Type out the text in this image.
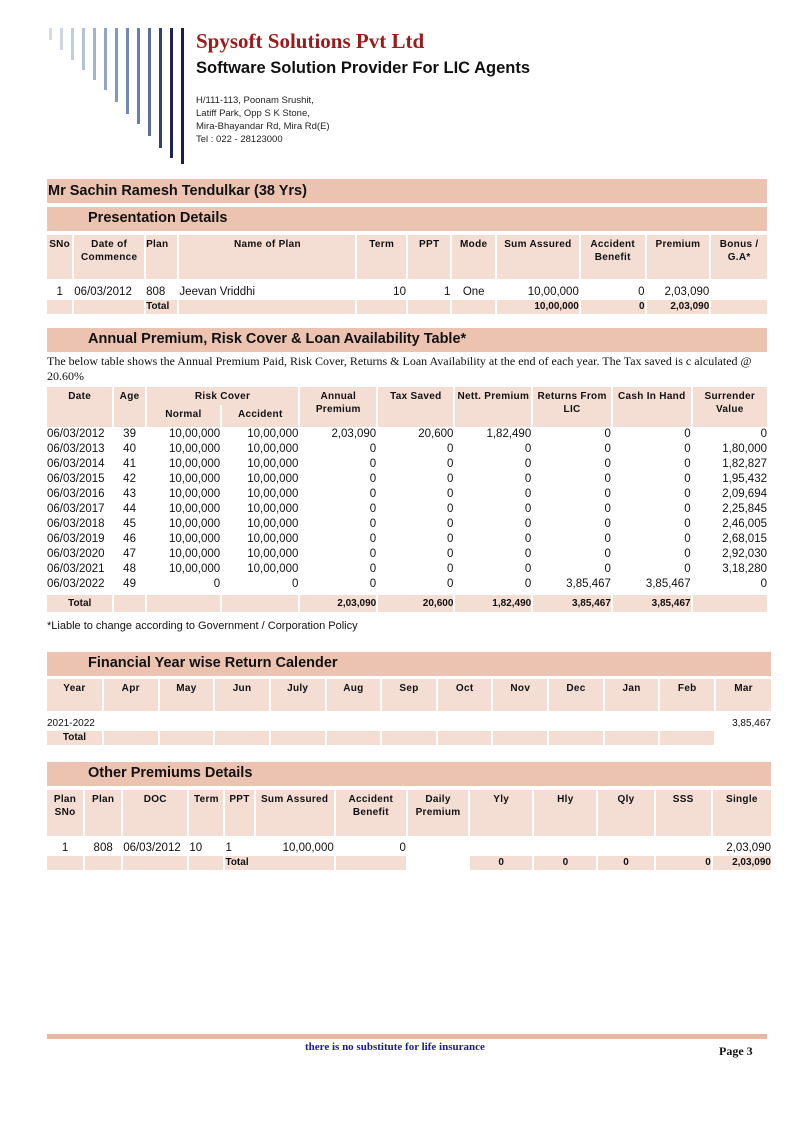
Spysoft Solutions Pvt Ltd
Software Solution Provider For LIC Agents
H/111-113, Poonam Srushit,
Latiff Park, Opp S K Stone,
Mira-Bhayandar Rd, Mira Rd(E)
Tel : 022 - 28123000
Mr Sachin Ramesh Tendulkar (38 Yrs)
Presentation Details
SNo	Date of Commence	Plan	Name of Plan	Term	PPT	Mode	Sum Assured	Accident Benefit	Premium	Bonus / G.A*

1	06/03/2012	808	Jeevan Vriddhi	10	1	One	10,00,000	0	2,03,090	
		Total					10,00,000	0	2,03,090	
Annual Premium, Risk Cover & Loan Availability Table*
The below table shows the Annual Premium Paid, Risk Cover, Returns & Loan Availability at the end of each year. The Tax saved is c alculated @ 20.60%
Date	Age	Risk Cover		Annual Premium	Tax Saved	Nett. Premium	Returns From LIC	Cash In Hand	Surrender Value
		Normal	Accident						
06/03/2012	39	10,00,000	10,00,000	2,03,090	20,600	1,82,490	0	0	0
06/03/2013	40	10,00,000	10,00,000	0	0	0	0	0	1,80,000
06/03/2014	41	10,00,000	10,00,000	0	0	0	0	0	1,82,827
06/03/2015	42	10,00,000	10,00,000	0	0	0	0	0	1,95,432
06/03/2016	43	10,00,000	10,00,000	0	0	0	0	0	2,09,694
06/03/2017	44	10,00,000	10,00,000	0	0	0	0	0	2,25,845
06/03/2018	45	10,00,000	10,00,000	0	0	0	0	0	2,46,005
06/03/2019	46	10,00,000	10,00,000	0	0	0	0	0	2,68,015
06/03/2020	47	10,00,000	10,00,000	0	0	0	0	0	2,92,030
06/03/2021	48	10,00,000	10,00,000	0	0	0	0	0	3,18,280
06/03/2022	49	0	0	0	0	0	3,85,467	3,85,467	0

Total				2,03,090	20,600	1,82,490	3,85,467	3,85,467	
*Liable to change according to Government / Corporation Policy
Financial Year wise Return Calender
Year	Apr	May	Jun	July	Aug	Sep	Oct	Nov	Dec	Jan	Feb	Mar

2021-2022												3,85,467
Total												
Other Premiums Details
Plan SNo	Plan	DOC	Term	PPT	Sum Assured	Accident Benefit	Daily Premium	Yly	Hly	Qly	SSS	Single

1	808	06/03/2012	10	1	10,00,000	0						2,03,090
				Total				0	0	0	0	2,03,090
there is no substitute for life insurance	Page 3
